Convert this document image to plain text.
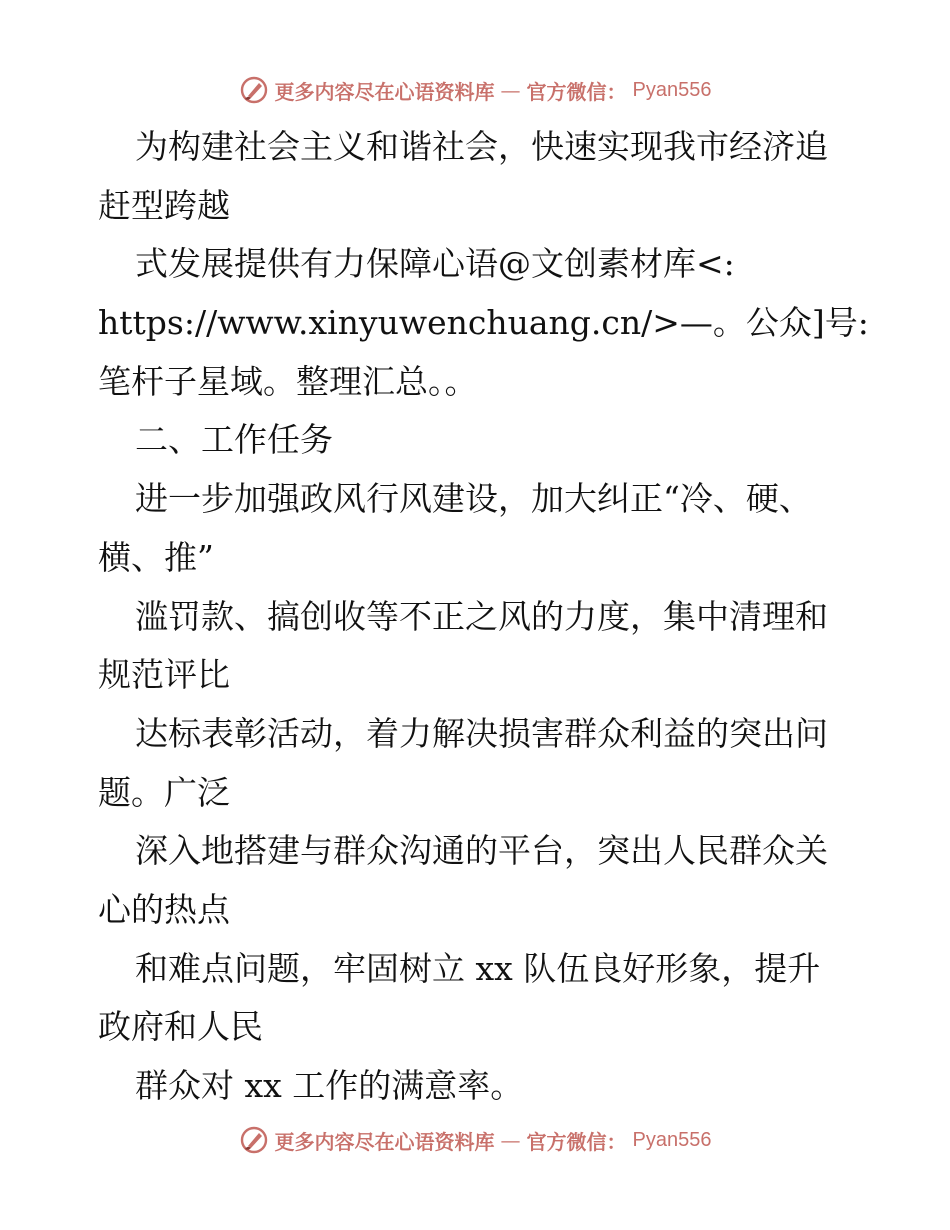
更多内容尽在心语资料库 — 官方微信： Pyan556
为构建社会主义和谐社会，快速实现我市经济追
赶型跨越
式发展提供有力保障心语@文创素材库<:
https://www.xinyuwenchuang.cn/>—。公众]号:
笔杆子星域。整理汇总。。
二、工作任务
进一步加强政风行风建设，加大纠正“冷、硬、
横、推”
滥罚款、搞创收等不正之风的力度，集中清理和
规范评比
达标表彰活动，着力解决损害群众利益的突出问
题。广泛
深入地搭建与群众沟通的平台，突出人民群众关
心的热点
和难点问题，牢固树立 xx 队伍良好形象，提升
政府和人民
群众对 xx 工作的满意率。
更多内容尽在心语资料库 — 官方微信： Pyan556
